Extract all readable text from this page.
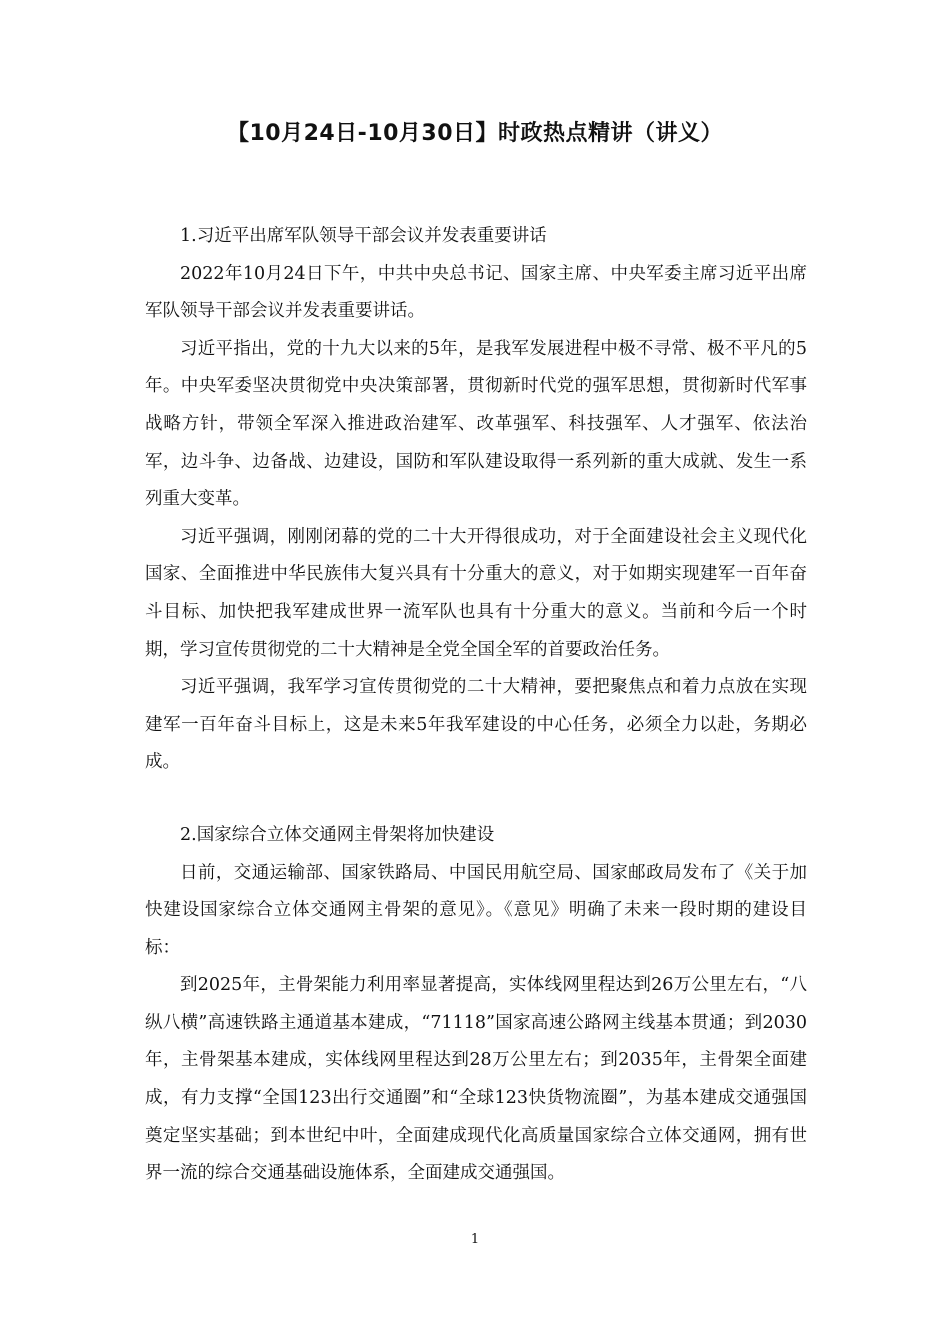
【10月24日-10月30日】时政热点精讲（讲义）

1.习近平出席军队领导干部会议并发表重要讲话

2022年10月24日下午，中共中央总书记、国家主席、中央军委主席习近平出席军队领导干部会议并发表重要讲话。

习近平指出，党的十九大以来的5年，是我军发展进程中极不寻常、极不平凡的5年。中央军委坚决贯彻党中央决策部署，贯彻新时代党的强军思想，贯彻新时代军事战略方针，带领全军深入推进政治建军、改革强军、科技强军、人才强军、依法治军，边斗争、边备战、边建设，国防和军队建设取得一系列新的重大成就、发生一系列重大变革。

习近平强调，刚刚闭幕的党的二十大开得很成功，对于全面建设社会主义现代化国家、全面推进中华民族伟大复兴具有十分重大的意义，对于如期实现建军一百年奋斗目标、加快把我军建成世界一流军队也具有十分重大的意义。当前和今后一个时期，学习宣传贯彻党的二十大精神是全党全国全军的首要政治任务。

习近平强调，我军学习宣传贯彻党的二十大精神，要把聚焦点和着力点放在实现建军一百年奋斗目标上，这是未来5年我军建设的中心任务，必须全力以赴，务期必成。

2.国家综合立体交通网主骨架将加快建设

日前，交通运输部、国家铁路局、中国民用航空局、国家邮政局发布了《关于加快建设国家综合立体交通网主骨架的意见》。《意见》明确了未来一段时期的建设目标：

到2025年，主骨架能力利用率显著提高，实体线网里程达到26万公里左右，“八纵八横”高速铁路主通道基本建成，“71118”国家高速公路网主线基本贯通；到2030年，主骨架基本建成，实体线网里程达到28万公里左右；到2035年，主骨架全面建成，有力支撑“全国123出行交通圈”和“全球123快货物流圈”，为基本建成交通强国奠定坚实基础；到本世纪中叶，全面建成现代化高质量国家综合立体交通网，拥有世界一流的综合交通基础设施体系，全面建成交通强国。

1
